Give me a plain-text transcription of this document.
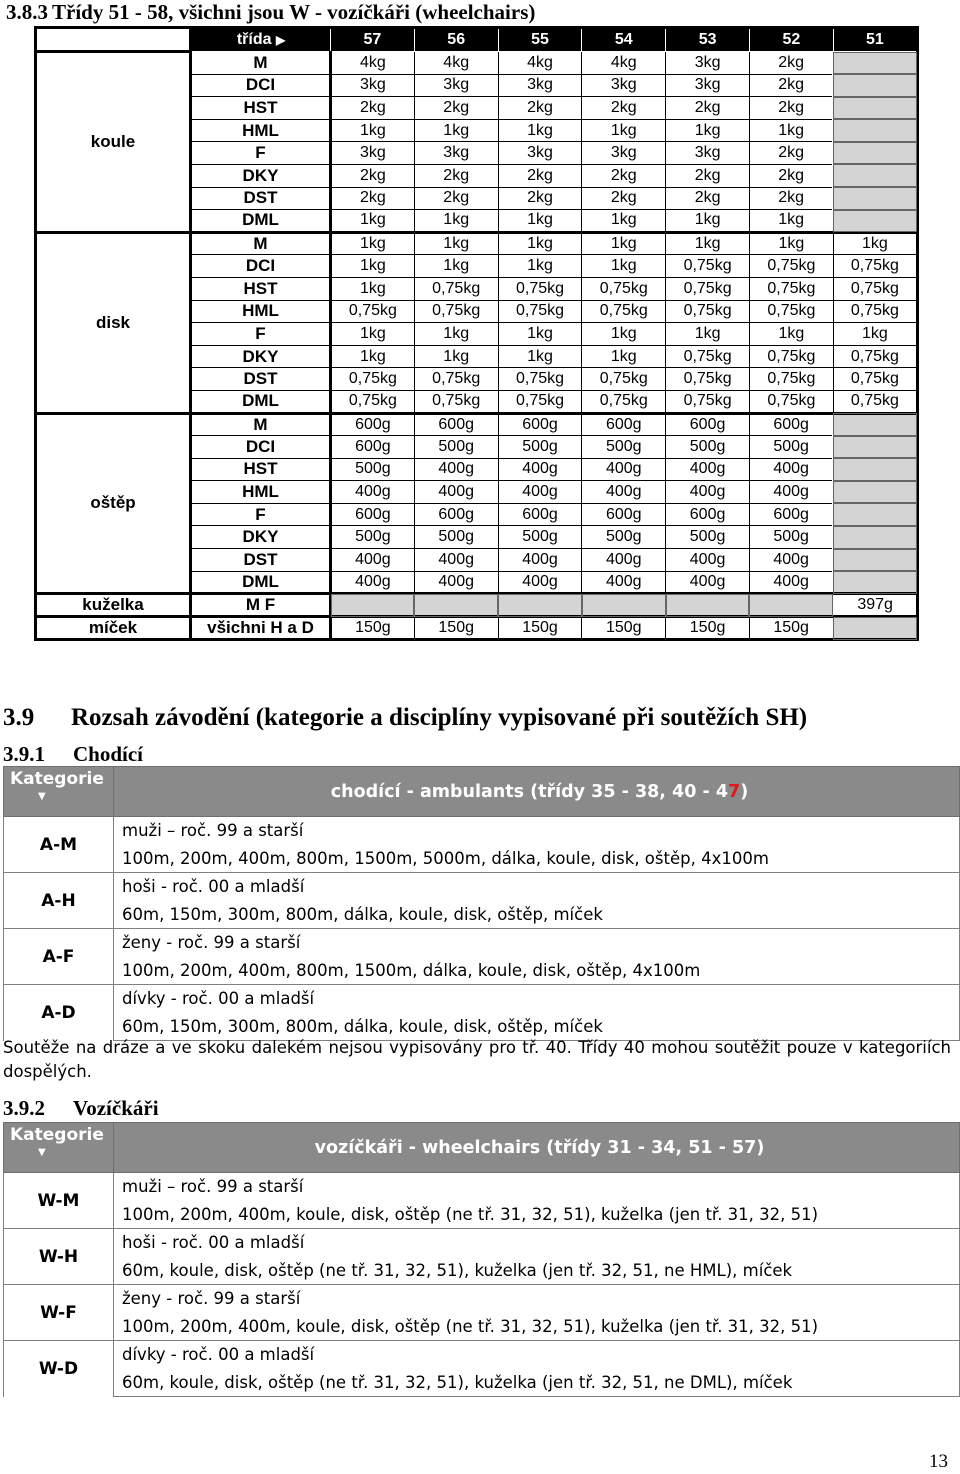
3.8.3 Třídy 51 - 58, všichni jsou W - vozíčkáři (wheelchairs)
	třída ▶	57	56	55	54	53	52	51
koule	M	4kg	4kg	4kg	4kg	3kg	2kg	
	DCI	3kg	3kg	3kg	3kg	3kg	2kg	
	HST	2kg	2kg	2kg	2kg	2kg	2kg	
	HML	1kg	1kg	1kg	1kg	1kg	1kg	
	F	3kg	3kg	3kg	3kg	3kg	2kg	
	DKY	2kg	2kg	2kg	2kg	2kg	2kg	
	DST	2kg	2kg	2kg	2kg	2kg	2kg	
	DML	1kg	1kg	1kg	1kg	1kg	1kg	
disk	M	1kg	1kg	1kg	1kg	1kg	1kg	1kg
	DCI	1kg	1kg	1kg	1kg	0,75kg	0,75kg	0,75kg
	HST	1kg	0,75kg	0,75kg	0,75kg	0,75kg	0,75kg	0,75kg
	HML	0,75kg	0,75kg	0,75kg	0,75kg	0,75kg	0,75kg	0,75kg
	F	1kg	1kg	1kg	1kg	1kg	1kg	1kg
	DKY	1kg	1kg	1kg	1kg	0,75kg	0,75kg	0,75kg
	DST	0,75kg	0,75kg	0,75kg	0,75kg	0,75kg	0,75kg	0,75kg
	DML	0,75kg	0,75kg	0,75kg	0,75kg	0,75kg	0,75kg	0,75kg
oštěp	M	600g	600g	600g	600g	600g	600g	
	DCI	600g	500g	500g	500g	500g	500g	
	HST	500g	400g	400g	400g	400g	400g	
	HML	400g	400g	400g	400g	400g	400g	
	F	600g	600g	600g	600g	600g	600g	
	DKY	500g	500g	500g	500g	500g	500g	
	DST	400g	400g	400g	400g	400g	400g	
	DML	400g	400g	400g	400g	400g	400g	
kuželka	M F							397g
míček	všichni H a D	150g	150g	150g	150g	150g	150g	
3.9 Rozsah závodění (kategorie a disciplíny vypisované při soutěžích SH)
3.9.1 Chodící
Kategorie
▼	chodící - ambulants (třídy 35 - 38, 40 - 47)
A-M	muži – roč. 99 a starší
	100m, 200m, 400m, 800m, 1500m, 5000m, dálka, koule, disk, oštěp, 4x100m
A-H	hoši - roč. 00 a mladší
	60m, 150m, 300m, 800m, dálka, koule, disk, oštěp, míček
A-F	ženy - roč. 99 a starší
	100m, 200m, 400m, 800m, 1500m, dálka, koule, disk, oštěp, 4x100m
A-D	dívky - roč. 00 a mladší
	60m, 150m, 300m, 800m, dálka, koule, disk, oštěp, míček
Soutěže na dráze a ve skoku dalekém nejsou vypisovány pro tř. 40. Třídy 40 mohou soutěžit pouze v kategoriích dospělých.
3.9.2 Vozíčkáři
Kategorie
▼	vozíčkáři - wheelchairs (třídy 31 - 34, 51 - 57)
W-M	muži – roč. 99 a starší
	100m, 200m, 400m, koule, disk, oštěp (ne tř. 31, 32, 51), kuželka (jen tř. 31, 32, 51)
W-H	hoši - roč. 00 a mladší
	60m, koule, disk, oštěp (ne tř. 31, 32, 51), kuželka (jen tř. 32, 51, ne HML), míček
W-F	ženy - roč. 99 a starší
	100m, 200m, 400m, koule, disk, oštěp (ne tř. 31, 32, 51), kuželka (jen tř. 31, 32, 51)
W-D	dívky - roč. 00 a mladší
	60m, koule, disk, oštěp (ne tř. 31, 32, 51), kuželka (jen tř. 32, 51, ne DML), míček
13
